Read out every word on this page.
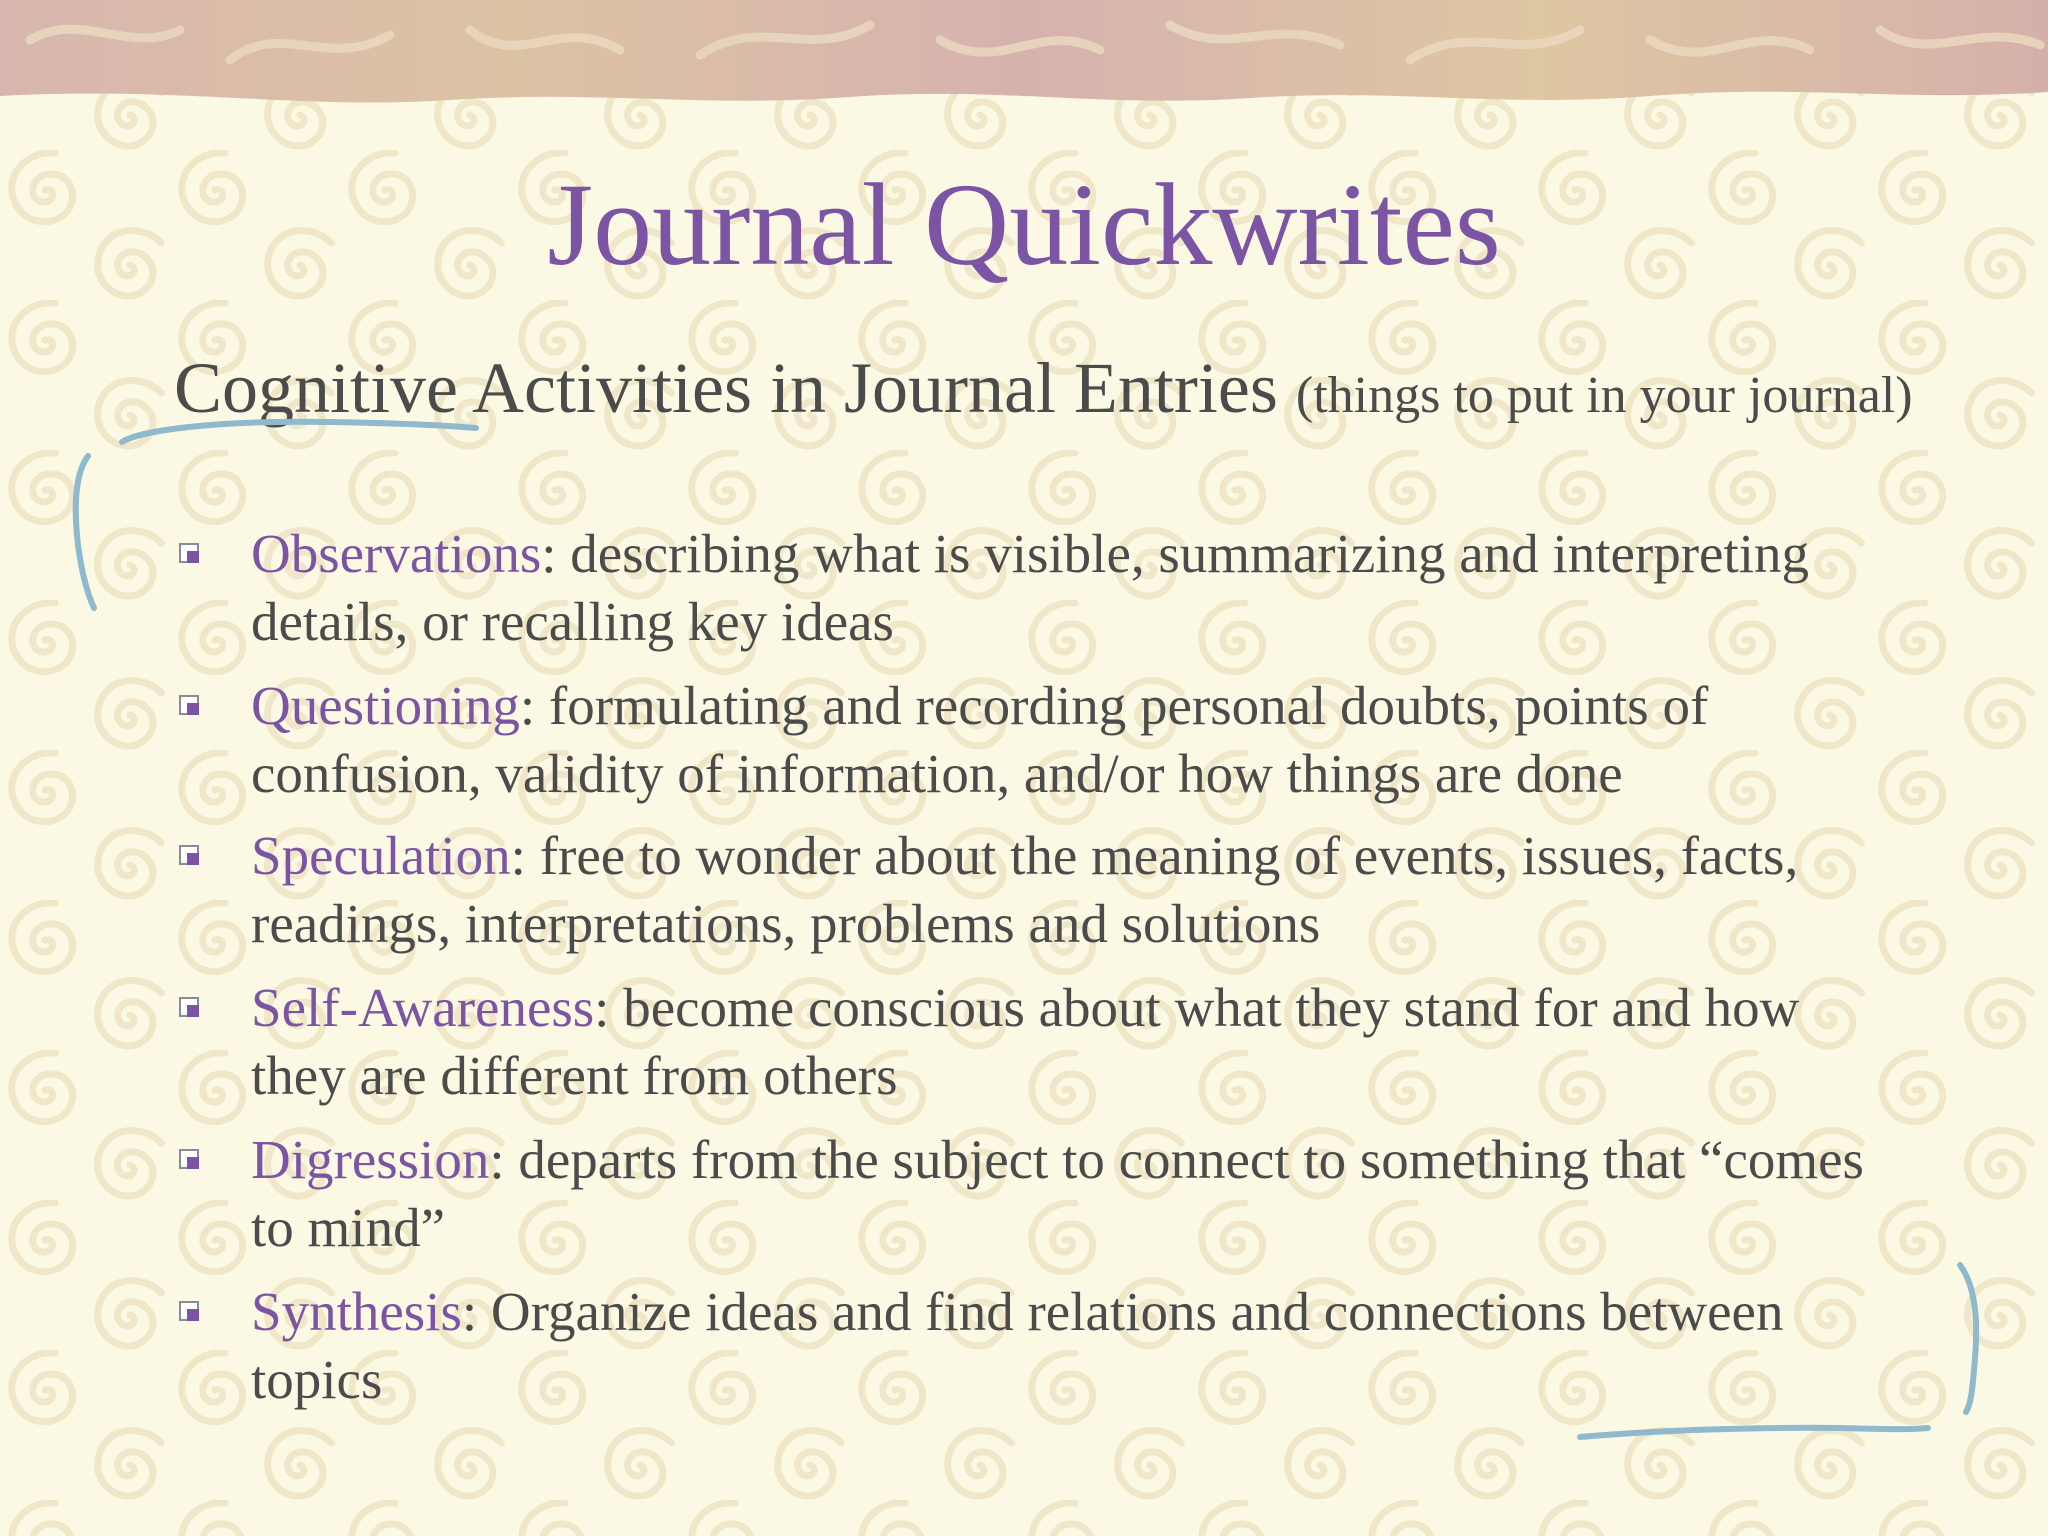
Journal Quickwrites
Cognitive Activities in Journal Entries (things to put in your journal)
Observations: describing what is visible, summarizing and interpreting details, or recalling key ideas
Questioning: formulating and recording personal doubts, points of confusion, validity of information, and/or how things are done
Speculation: free to wonder about the meaning of events, issues, facts, readings, interpretations, problems and solutions
Self-Awareness: become conscious about what they stand for and how they are different from others
Digression: departs from the subject to connect to something that “comes to mind”
Synthesis: Organize ideas and find relations and connections between topics
